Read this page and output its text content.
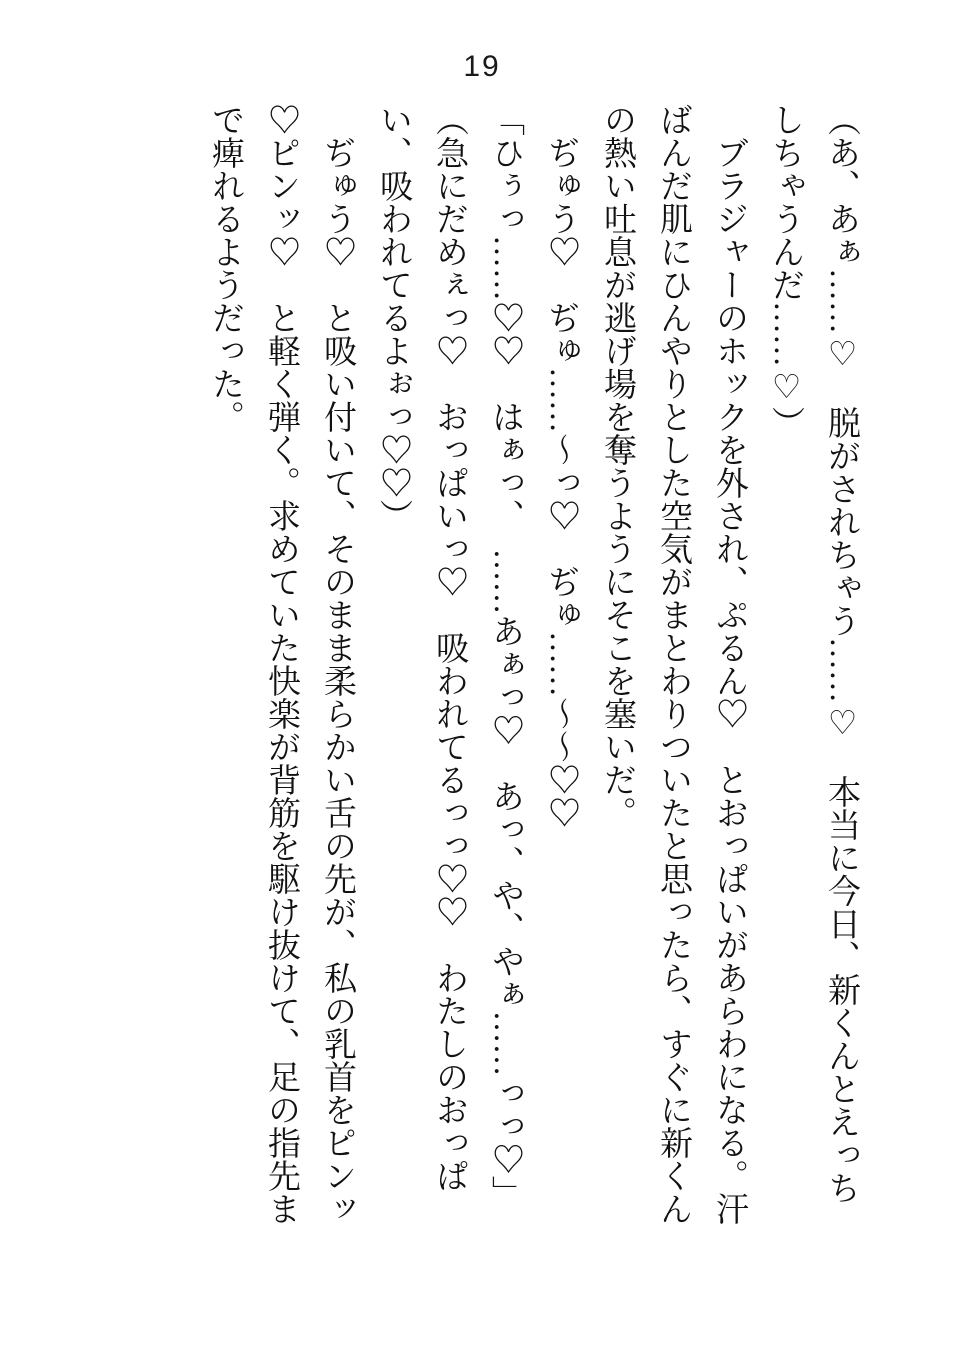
19

（あ、あぁ……♡　脱がされちゃう……♡　本当に今日、新くんとえっちしちゃうんだ……♡）

ブラジャーのホックを外され、ぷるん♡　とおっぱいがあらわになる。汗ばんだ肌にひんやりとした空気がまとわりついたと思ったら、すぐに新くんの熱い吐息が逃げ場を奪うようにそこを塞いだ。

ぢゅう♡　ぢゅ……〜っ♡　ぢゅ……〜〜♡♡

「ひぅっ……♡♡　はぁっ、　……あぁっ♡　あっ、や、やぁ……っっ♡」

（急にだめぇっ♡　おっぱいっ♡　吸われてるっっ♡♡　わたしのおっぱい、吸われてるよぉっ♡♡）

ぢゅう♡　と吸い付いて、そのまま柔らかい舌の先が、私の乳首をピンッ♡ピンッ♡　と軽く弾く。求めていた快楽が背筋を駆け抜けて、足の指先まで痺れるようだった。
